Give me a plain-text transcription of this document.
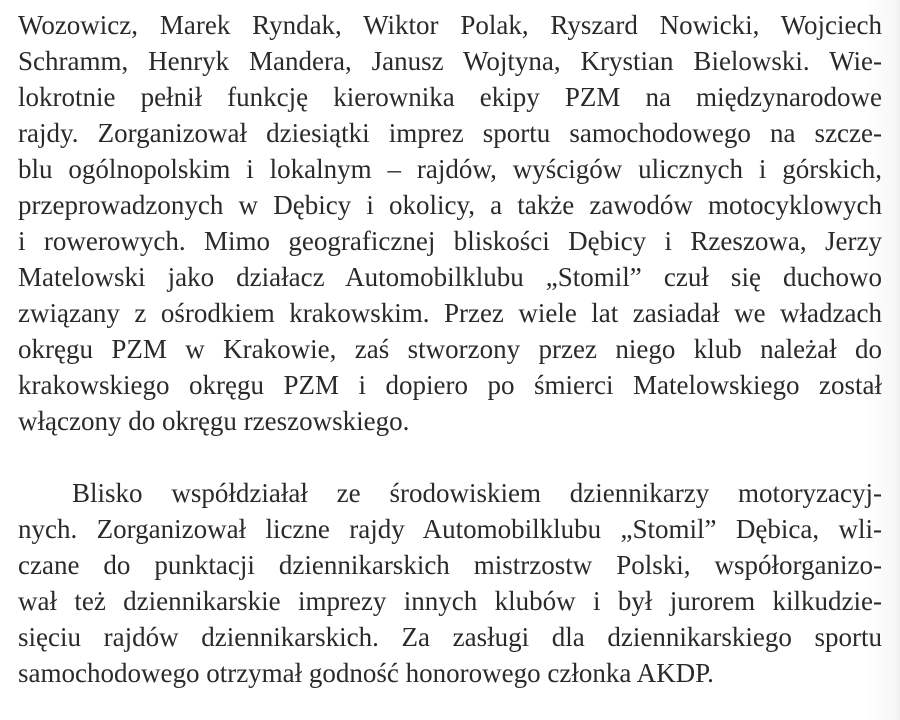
Wozowicz, Marek Ryndak, Wiktor Polak, Ryszard Nowicki, Wojciech
Schramm, Henryk Mandera, Janusz Wojtyna, Krystian Bielowski. Wie-
lokrotnie pełnił funkcję kierownika ekipy PZM na międzynarodowe
rajdy. Zorganizował dziesiątki imprez sportu samochodowego na szcze-
blu ogólnopolskim i lokalnym – rajdów, wyścigów ulicznych i górskich,
przeprowadzonych w Dębicy i okolicy, a także zawodów motocyklowych
i rowerowych. Mimo geograficznej bliskości Dębicy i Rzeszowa, Jerzy
Matelowski jako działacz Automobilklubu „Stomil” czuł się duchowo
związany z ośrodkiem krakowskim. Przez wiele lat zasiadał we władzach
okręgu PZM w Krakowie, zaś stworzony przez niego klub należał do
krakowskiego okręgu PZM i dopiero po śmierci Matelowskiego został
włączony do okręgu rzeszowskiego.
Blisko współdziałał ze środowiskiem dziennikarzy motoryzacyj-
nych. Zorganizował liczne rajdy Automobilklubu „Stomil” Dębica, wli-
czane do punktacji dziennikarskich mistrzostw Polski, współorganizo-
wał też dziennikarskie imprezy innych klubów i był jurorem kilkudzie-
sięciu rajdów dziennikarskich. Za zasługi dla dziennikarskiego sportu
samochodowego otrzymał godność honorowego członka AKDP.
